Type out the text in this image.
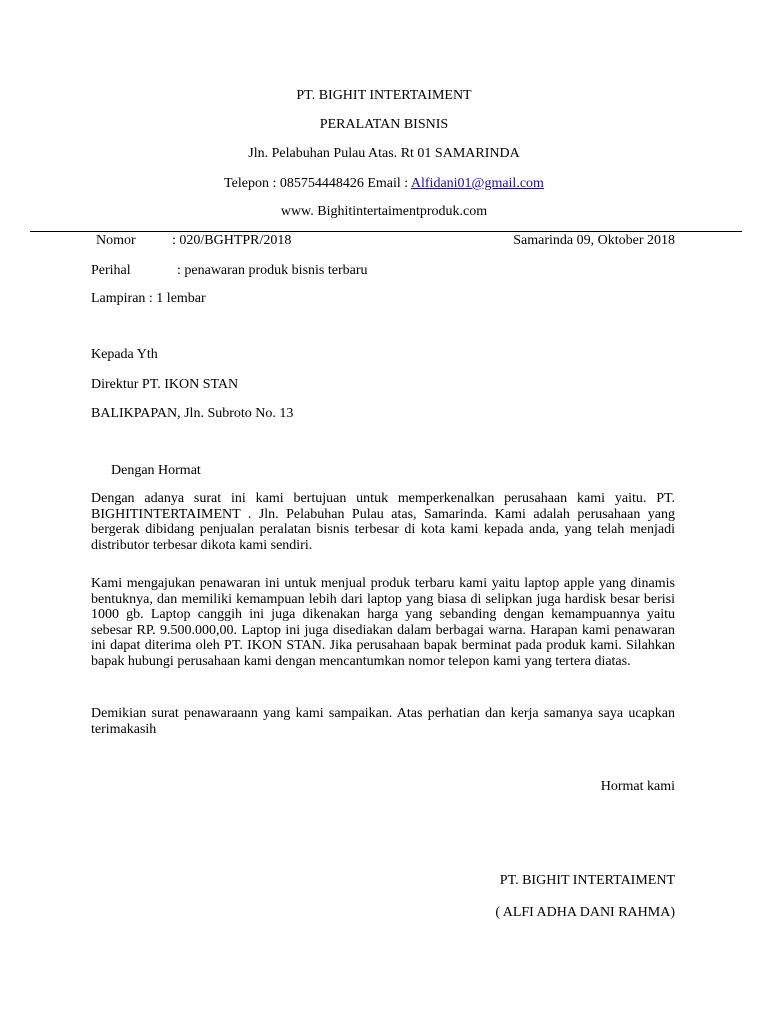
PT. BIGHIT INTERTAIMENT
PERALATAN BISNIS
Jln. Pelabuhan Pulau Atas. Rt 01 SAMARINDA
Telepon : 085754448426 Email : Alfidani01@gmail.com
www. Bighitintertaimentproduk.com
Nomor	: 020/BGHTPR/2018	Samarinda 09, Oktober 2018
Perihal	: penawaran produk bisnis terbaru
Lampiran : 1 lembar
Kepada Yth
Direktur PT. IKON STAN
BALIKPAPAN, Jln. Subroto No. 13
Dengan Hormat

Dengan adanya surat ini kami bertujuan untuk memperkenalkan perusahaan kami yaitu. PT. BIGHITINTERTAIMENT . Jln. Pelabuhan Pulau atas, Samarinda. Kami adalah perusahaan yang bergerak dibidang penjualan peralatan bisnis terbesar di kota kami kepada anda, yang telah menjadi distributor terbesar dikota kami sendiri.

Kami mengajukan penawaran ini untuk menjual produk terbaru kami yaitu laptop apple yang dinamis bentuknya, dan memiliki kemampuan lebih dari laptop yang biasa di selipkan juga hardisk besar berisi 1000 gb. Laptop canggih ini juga dikenakan harga yang sebanding dengan kemampuannya yaitu sebesar RP. 9.500.000,00. Laptop ini juga disediakan dalam berbagai warna. Harapan kami penawaran ini dapat diterima oleh PT. IKON STAN. Jika perusahaan bapak berminat pada produk kami. Silahkan bapak hubungi perusahaan kami dengan mencantumkan nomor telepon kami yang tertera diatas.

Demikian surat penawaraann yang kami sampaikan. Atas perhatian dan kerja samanya saya ucapkan terimakasih

Hormat kami
PT. BIGHIT INTERTAIMENT
( ALFI ADHA DANI RAHMA)
